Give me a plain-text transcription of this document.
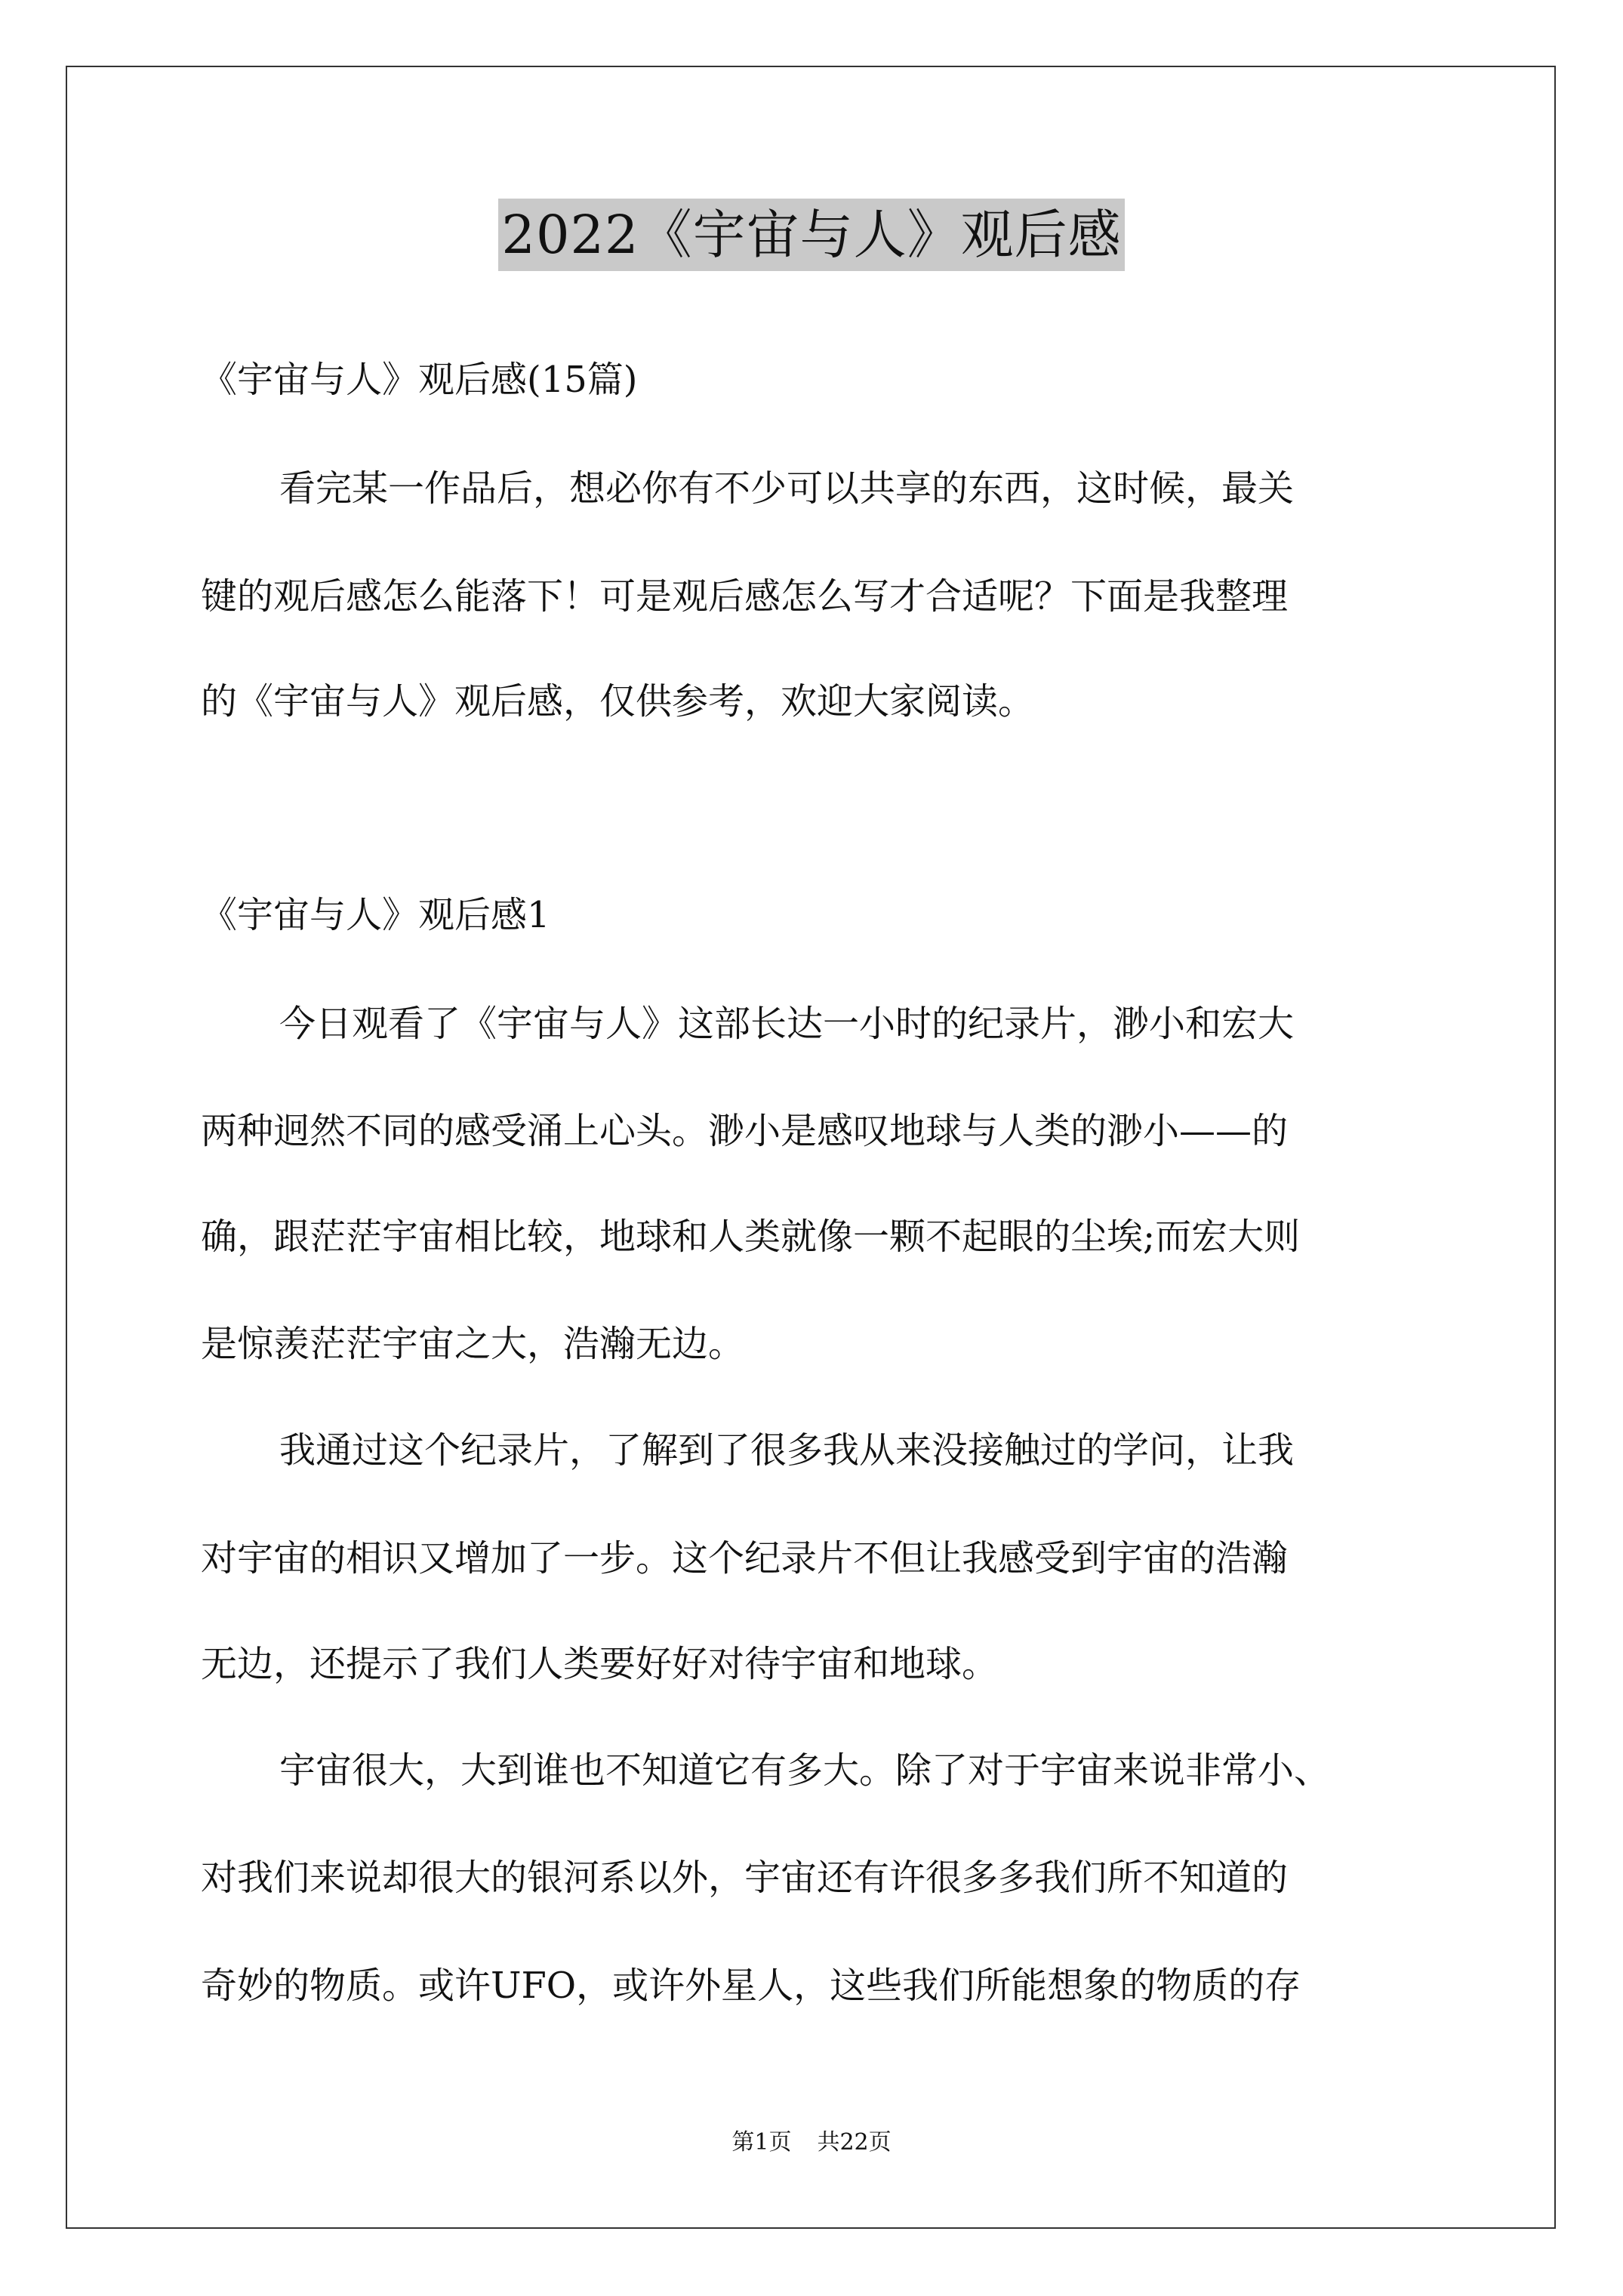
2022《宇宙与人》观后感
《宇宙与人》观后感(15篇)
看完某一作品后，想必你有不少可以共享的东西，这时候，最关
键的观后感怎么能落下！可是观后感怎么写才合适呢？下面是我整理
的《宇宙与人》观后感，仅供参考，欢迎大家阅读。
《宇宙与人》观后感1
今日观看了《宇宙与人》这部长达一小时的纪录片，渺小和宏大
两种迥然不同的感受涌上心头。渺小是感叹地球与人类的渺小——的
确，跟茫茫宇宙相比较，地球和人类就像一颗不起眼的尘埃;而宏大则
是惊羡茫茫宇宙之大，浩瀚无边。
我通过这个纪录片，了解到了很多我从来没接触过的学问，让我
对宇宙的相识又增加了一步。这个纪录片不但让我感受到宇宙的浩瀚
无边，还提示了我们人类要好好对待宇宙和地球。
宇宙很大，大到谁也不知道它有多大。除了对于宇宙来说非常小、
对我们来说却很大的银河系以外，宇宙还有许很多多我们所不知道的
奇妙的物质。或许UFO，或许外星人，这些我们所能想象的物质的存
第1页 共22页
